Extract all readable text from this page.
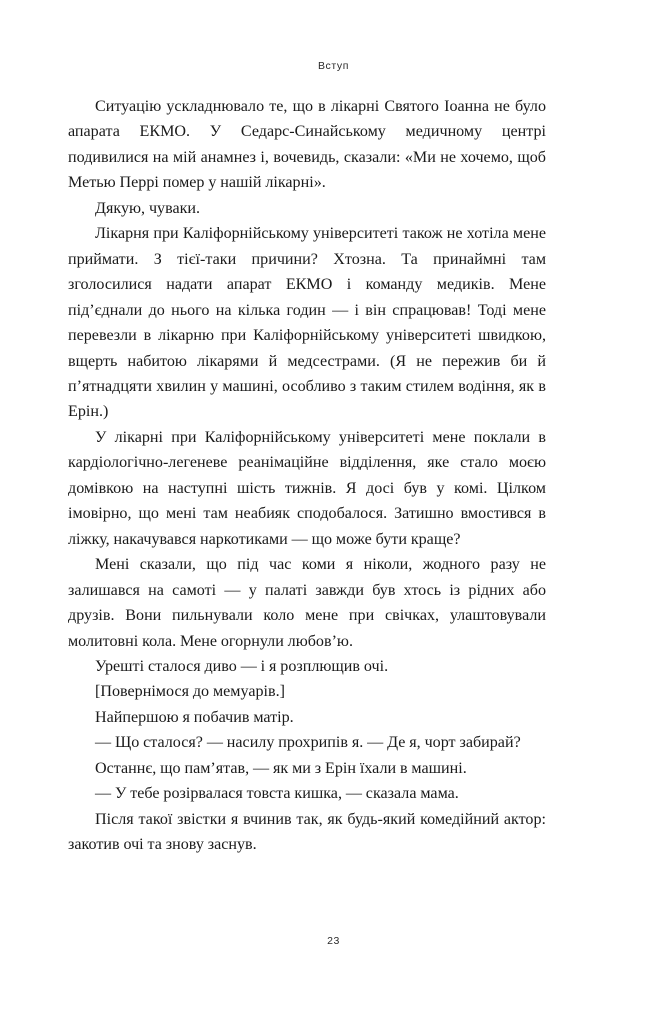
Вступ

Ситуацію ускладнювало те, що в лікарні Святого Іоанна не було апарата ЕКМО. У Седарс-Синайському медичному центрі подивилися на мій анамнез і, вочевидь, сказали: «Ми не хочемо, щоб Метью Перрі помер у нашій лікарні».

Дякую, чуваки.

Лікарня при Каліфорнійському університеті також не хотіла мене приймати. З тієї-таки причини? Хтозна. Та принаймні там зголосилися надати апарат ЕКМО і команду медиків. Мене під’єднали до нього на кілька годин — і він спрацював! Тоді мене перевезли в лікарню при Каліфорнійському університеті швидкою, вщерть набитою лікарями й медсестрами. (Я не пережив би й п’ятнадцяти хвилин у машині, особливо з таким стилем водіння, як в Ерін.)

У лікарні при Каліфорнійському університеті мене поклали в кардіологічно-легеневе реанімаційне відділення, яке стало моєю домівкою на наступні шість тижнів. Я досі був у комі. Цілком імовірно, що мені там неабияк сподобалося. Затишно вмостився в ліжку, накачувався наркотиками — що може бути краще?

Мені сказали, що під час коми я ніколи, жодного разу не залишався на самоті — у палаті завжди був хтось із рідних або друзів. Вони пильнували коло мене при свічках, улаштовували молитовні кола. Мене огорнули любов’ю.

Урешті сталося диво — і я розплющив очі.

[Повернімося до мемуарів.]

Найпершою я побачив матір.

— Що сталося? — насилу прохрипів я. — Де я, чорт забирай?

Останнє, що пам’ятав, — як ми з Ерін їхали в машині.

— У тебе розірвалася товста кишка, — сказала мама.

Після такої звістки я вчинив так, як будь-який комедійний актор: закотив очі та знову заснув.

23
